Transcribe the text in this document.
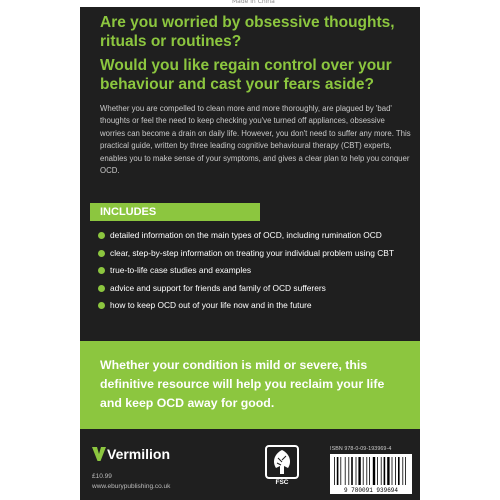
Made in China

Are you worried by obsessive thoughts, rituals or routines?

Would you like regain control over your behaviour and cast your fears aside?

Whether you are compelled to clean more and more thoroughly, are plagued by 'bad' thoughts or feel the need to keep checking you've turned off appliances, obsessive worries can become a drain on daily life. However, you don't need to suffer any more. This practical guide, written by three leading cognitive behavioural therapy (CBT) experts, enables you to make sense of your symptoms, and gives a clear plan to help you conquer OCD.

INCLUDES
detailed information on the main types of OCD, including rumination OCD
clear, step-by-step information on treating your individual problem using CBT
true-to-life case studies and examples
advice and support for friends and family of OCD sufferers
how to keep OCD out of your life now and in the future

Whether your condition is mild or severe, this definitive resource will help you reclaim your life and keep OCD away for good.

Vermilion
£10.99
www.eburypublishing.co.uk
FSC
ISBN 978-0-09-193969-4
9 780091 939694
